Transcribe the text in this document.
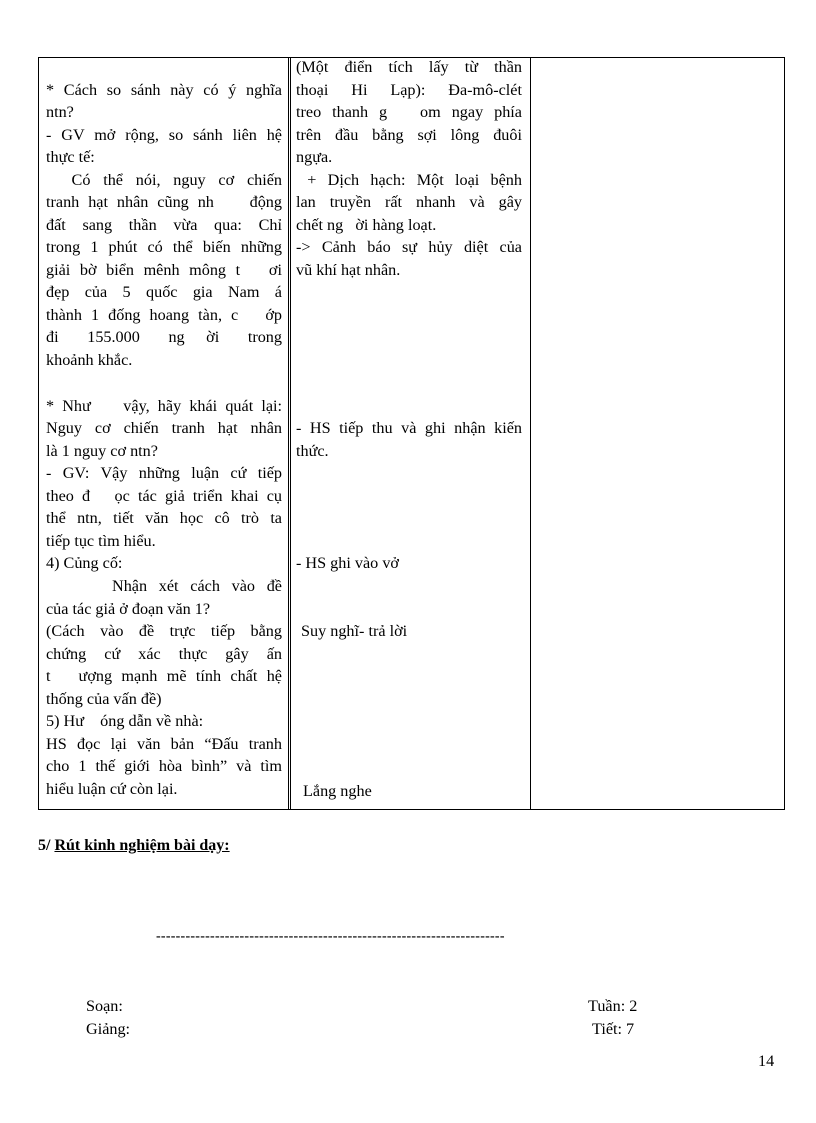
* Cách so sánh này có ý nghĩa
ntn?
- GV mở rộng, so sánh liên hệ
thực tế:
Có thể nói, nguy cơ chiến
tranh hạt nhân cũng nh    động
đất sang thần vừa qua: Chỉ
trong 1 phút có thể biến những
giải bờ biển mênh mông t   ơi
đẹp của 5 quốc gia Nam á
thành 1 đống hoang tàn, c   ớp
đi    155.000    ng   ời    trong
khoảnh khắc.
* Như    vậy, hãy khái quát lại:
Nguy cơ chiến tranh hạt nhân
là 1 nguy cơ ntn?
- GV: Vậy những luận cứ tiếp
theo đ   ọc tác giả triển khai cụ
thể ntn, tiết văn học cô trò ta
tiếp tục tìm hiểu.
4) Củng cố:
Nhận xét cách vào đề
của tác giả ở đoạn văn 1?
(Cách vào đề trực tiếp bằng
chứng cứ xác thực gây ấn
t   ượng mạnh mẽ tính chất hệ
thống của vấn đề)
5) Hư    óng dẫn về nhà:
HS đọc lại văn bản “Đấu tranh
cho 1 thế giới hòa bình” và tìm
hiểu luận cứ còn lại.
(Một điển tích lấy từ thần
thoại Hi Lạp): Đa-mô-clét
treo thanh g   om ngay phía
trên đầu bằng sợi lông đuôi
ngựa.
+ Dịch hạch: Một loại bệnh
lan truyền rất nhanh và gây
chết ng   ời hàng loạt.
-> Cảnh báo sự hủy diệt của
vũ khí hạt nhân.
- HS tiếp thu và ghi nhận kiến
thức.
- HS ghi vào vở
Suy nghĩ- trả lời
Lắng nghe
5/ Rút kinh nghiệm bài dạy:
-----------------------------------------------------------------------
Soạn:
Giảng:
Tuần: 2
Tiết: 7
14
